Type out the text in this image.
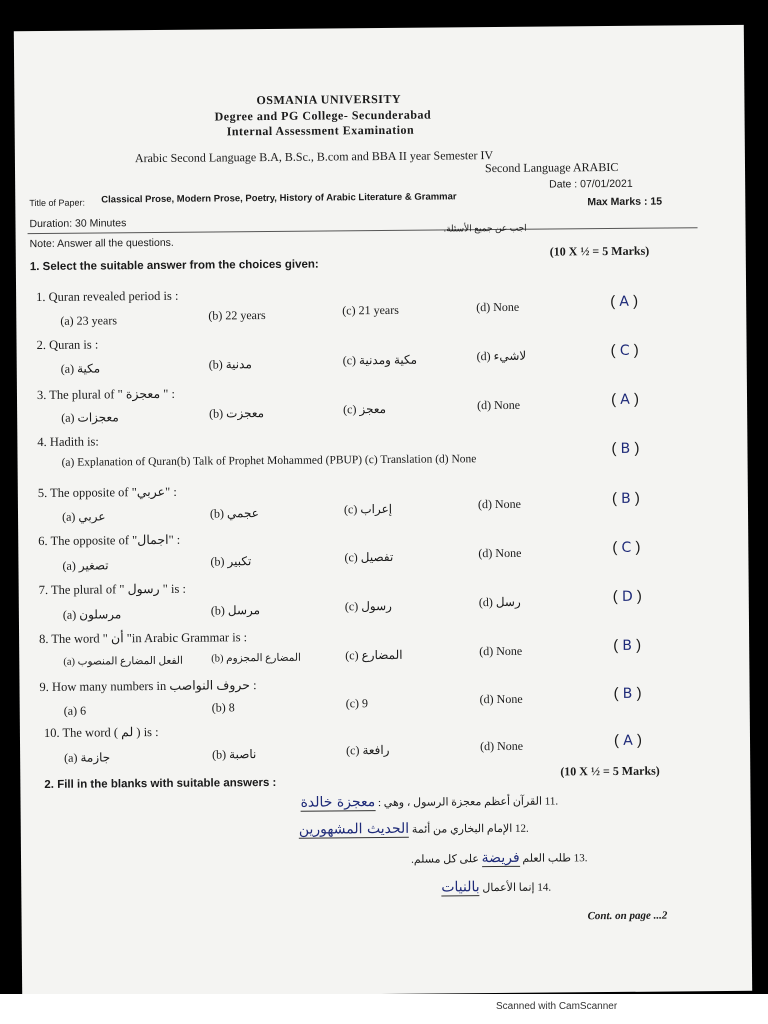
OSMANIA UNIVERSITY
Degree and PG College- Secunderabad
Internal Assessment Examination
Arabic Second Language B.A, B.Sc., B.com and BBA II year Semester IV
Second Language ARABIC
Title of Paper: Classical Prose, Modern Prose, Poetry, History of Arabic Literature & Grammar
Date : 07/01/2021
Max Marks : 15
Duration: 30 Minutes
Note: Answer all the questions.
اجب عن جميع الأسئلة.
1. Select the suitable answer from the choices given:
(10 X ½ = 5 Marks)
1. Quran revealed period is :
(a) 23 years	(b) 22 years	(c) 21 years	(d) None	( A )
2. Quran is :
مكية (a)	مدنية (b)	مكية ومدنية (c)	لاشيء (d)	( C )
3. The plural of " معجزة " :
معجزات (a)	معجزت (b)	معجز (c)	(d) None	( A )
4. Hadith is:
(a) Explanation of Quran(b) Talk of Prophet Mohammed (PBUP) (c) Translation (d) None
( B )
5. The opposite of "عربي" :
عربي (a)	عجمي (b)	إعراب (c)	(d) None	( B )
6. The opposite of "اجمال" :
تصغير (a)	تكبير (b)	تفصيل (c)	(d) None	( C )
7. The plural of " رسول " is :
مرسلون (a)	مرسل (b)	رسول (c)	رسل (d)	( D )
8. The word " أن "in Arabic Grammar is :
الفعل المضارع المنصوب (a)	المضارع المجزوم (b)	المضارع (c)	(d) None	( B )
9. How many numbers in حروف النواصب :
(a) 6	(b) 8	(c) 9	(d) None	( B )
10. The word ( لم ) is :
جازمة (a)	ناصبة (b)	رافعة (c)	(d) None	( A )
2. Fill in the blanks with suitable answers :
(10 X ½ = 5 Marks)
.11 القرآن أعظم معجزة الرسول ، وهي : معجزة خالدة
.12 الإمام البخاري من أئمة الحديث المشهورين
.13 طلب العلم فريضة على كل مسلم.
.14 إنما الأعمال بالنيات
Cont. on page ...2
Scanned with CamScanner
